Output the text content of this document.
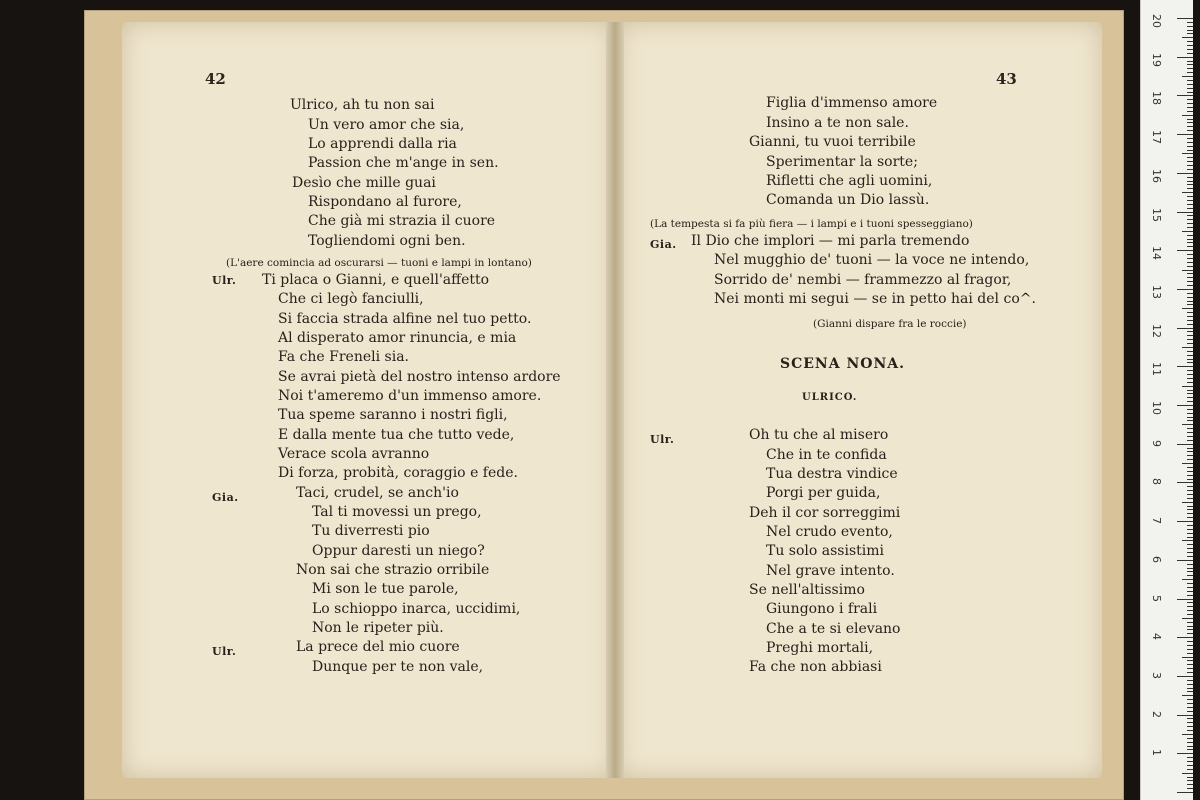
42	43
Ulrico, ah tu non sai
Un vero amor che sia,
Lo apprendi dalla ria
Passion che m'ange in sen.
Desìo che mille guai
Rispondano al furore,
Che già mi strazia il cuore
Togliendomi ogni ben.
(L'aere comincia ad oscurarsi — tuoni e lampi in lontano)
Ulr. Ti placa o Gianni, e quell'affetto
Che ci legò fanciulli,
Si faccia strada alfine nel tuo petto.
Al disperato amor rinuncia, e mia
Fa che Freneli sia.
Se avrai pietà del nostro intenso ardore
Noi t'ameremo d'un immenso amore.
Tua speme saranno i nostri figli,
E dalla mente tua che tutto vede,
Verace scola avranno
Di forza, probità, coraggio e fede.
Gia.	Taci, crudel, se anch'io
Tal ti movessi un prego,
Tu diverresti pio
Oppur daresti un niego?
Non sai che strazio orribile
Mi son le tue parole,
Lo schioppo inarca, uccidimi,
Non le ripeter più.
Ulr.	La prece del mio cuore
Dunque per te non vale,
Figlia d'immenso amore
Insino a te non sale.
Gianni, tu vuoi terribile
Sperimentar la sorte;
Rifletti che agli uomini,
Comanda un Dio lassù.
(La tempesta si fa più fiera — i lampi e i tuoni spesseggiano)
Gia. Il Dio che implori — mi parla tremendo
Nel mugghio de' tuoni — la voce ne intendo,
Sorrido de' nembi — frammezzo al fragor,
Nei monti mi segui — se in petto hai del co^.
(Gianni dispare fra le roccie)
SCENA NONA.
ULRICO.
Ulr.	Oh tu che al misero
Che in te confida
Tua destra vindice
Porgi per guida,
Deh il cor sorreggimi
Nel crudo evento,
Tu solo assistimi
Nel grave intento.
Se nell'altissimo
Giungono i frali
Che a te si elevano
Preghi mortali,
Fa che non abbiasi
1
2
3
4
5
6
7
8
9
10
11
12
13
14
15
16
17
18
19
20
